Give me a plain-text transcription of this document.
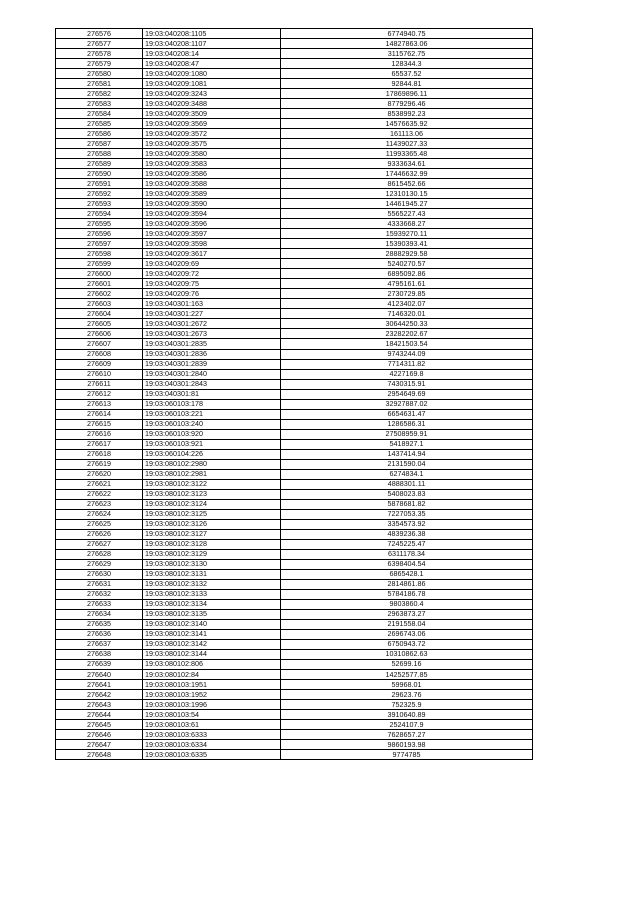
276576	19:03:040208:1105	6774940.75
276577	19:03:040208:1107	14827863.06
276578	19:03:040208:14	3115762.75
276579	19:03:040208:47	128344.3
276580	19:03:040209:1080	65537.52
276581	19:03:040209:1081	92844.81
276582	19:03:040209:3243	17869896.11
276583	19:03:040209:3488	8779296.46
276584	19:03:040209:3509	8538992.23
276585	19:03:040209:3569	14576635.92
276586	19:03:040209:3572	161113.06
276587	19:03:040209:3575	11439027.33
276588	19:03:040209:3580	11993365.48
276589	19:03:040209:3583	9333634.61
276590	19:03:040209:3586	17446632.99
276591	19:03:040209:3588	8615452.66
276592	19:03:040209:3589	12310130.15
276593	19:03:040209:3590	14461945.27
276594	19:03:040209:3594	5565227.43
276595	19:03:040209:3596	4333668.27
276596	19:03:040209:3597	15939270.11
276597	19:03:040209:3598	15390393.41
276598	19:03:040209:3617	28882929.58
276599	19:03:040209:69	5240270.57
276600	19:03:040209:72	6895092.86
276601	19:03:040209:75	4795161.61
276602	19:03:040209:76	2730729.85
276603	19:03:040301:163	4123402.07
276604	19:03:040301:227	7146320.01
276605	19:03:040301:2672	30644250.33
276606	19:03:040301:2673	23282202.67
276607	19:03:040301:2835	18421503.54
276608	19:03:040301:2836	9743244.09
276609	19:03:040301:2839	7714311.82
276610	19:03:040301:2840	4227169.8
276611	19:03:040301:2843	7430315.91
276612	19:03:040301:81	2954649.69
276613	19:03:060103:178	32927887.02
276614	19:03:060103:221	6654631.47
276615	19:03:060103:240	1286586.31
276616	19:03:060103:920	27508959.91
276617	19:03:060103:921	5418927.1
276618	19:03:060104:226	1437414.94
276619	19:03:080102:2980	2131590.04
276620	19:03:080102:2981	6274834.1
276621	19:03:080102:3122	4888301.11
276622	19:03:080102:3123	5408023.83
276623	19:03:080102:3124	5878681.82
276624	19:03:080102:3125	7227053.35
276625	19:03:080102:3126	3354573.92
276626	19:03:080102:3127	4839236.38
276627	19:03:080102:3128	7245225.47
276628	19:03:080102:3129	6311178.34
276629	19:03:080102:3130	6398404.54
276630	19:03:080102:3131	6865428.1
276631	19:03:080102:3132	2814861.86
276632	19:03:080102:3133	5784186.78
276633	19:03:080102:3134	9803860.4
276634	19:03:080102:3135	2963873.27
276635	19:03:080102:3140	2191558.04
276636	19:03:080102:3141	2696743.06
276637	19:03:080102:3142	6750943.72
276638	19:03:080102:3144	10310862.63
276639	19:03:080102:806	52699.16
276640	19:03:080102:84	14252577.85
276641	19:03:080103:1951	59968.01
276642	19:03:080103:1952	29623.76
276643	19:03:080103:1996	752325.9
276644	19:03:080103:54	3910640.89
276645	19:03:080103:61	2524107.9
276646	19:03:080103:6333	7628657.27
276647	19:03:080103:6334	9860193.98
276648	19:03:080103:6335	9774785
